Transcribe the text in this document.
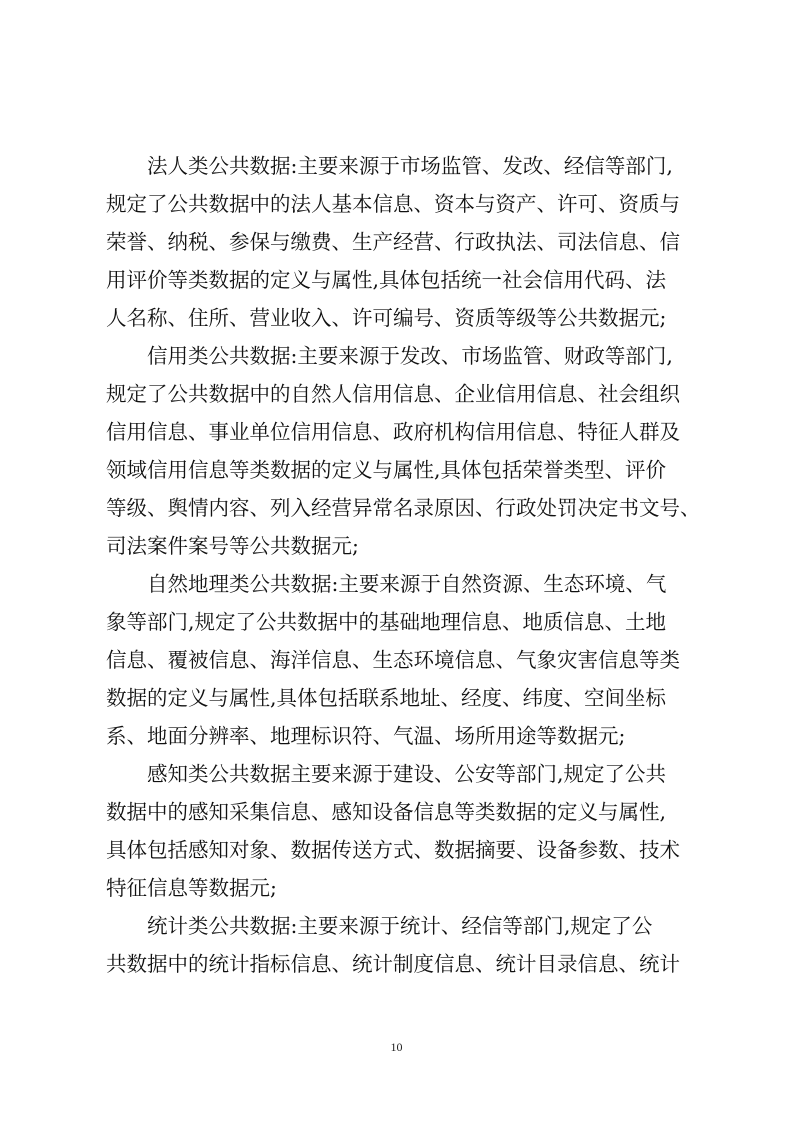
法人类公共数据:主要来源于市场监管、发改、经信等部门,
规定了公共数据中的法人基本信息、资本与资产、许可、资质与
荣誉、纳税、参保与缴费、生产经营、行政执法、司法信息、信
用评价等类数据的定义与属性,具体包括统一社会信用代码、法
人名称、住所、营业收入、许可编号、资质等级等公共数据元;
信用类公共数据:主要来源于发改、市场监管、财政等部门,
规定了公共数据中的自然人信用信息、企业信用信息、社会组织
信用信息、事业单位信用信息、政府机构信用信息、特征人群及
领域信用信息等类数据的定义与属性,具体包括荣誉类型、评价
等级、舆情内容、列入经营异常名录原因、行政处罚决定书文号、
司法案件案号等公共数据元;
自然地理类公共数据:主要来源于自然资源、生态环境、气
象等部门,规定了公共数据中的基础地理信息、地质信息、土地
信息、覆被信息、海洋信息、生态环境信息、气象灾害信息等类
数据的定义与属性,具体包括联系地址、经度、纬度、空间坐标
系、地面分辨率、地理标识符、气温、场所用途等数据元;
感知类公共数据主要来源于建设、公安等部门,规定了公共
数据中的感知采集信息、感知设备信息等类数据的定义与属性,
具体包括感知对象、数据传送方式、数据摘要、设备参数、技术
特征信息等数据元;
统计类公共数据:主要来源于统计、经信等部门,规定了公
共数据中的统计指标信息、统计制度信息、统计目录信息、统计
10
